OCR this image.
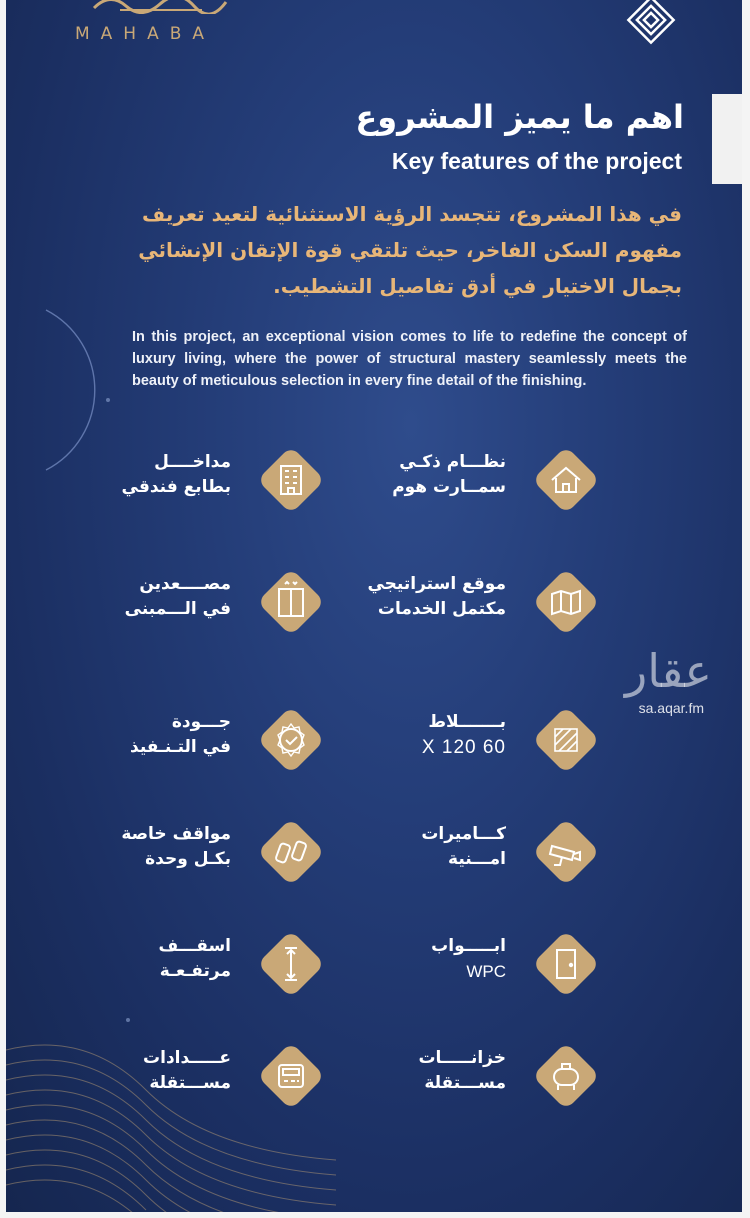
MAHABA
اهم ما يميز المشروع
Key features of the project
في هذا المشروع، تتجسد الرؤية الاستثنائية لتعيد تعريف مفهوم السكن الفاخر، حيث تلتقي قوة الإتقان الإنشائي بجمال الاختيار في أدق تفاصيل التشطيب.
In this project, an exceptional vision comes to life to redefine the concept of luxury living, where the power of structural mastery seamlessly meets the beauty of meticulous selection in every fine detail of the finishing.
نظـــام ذكـي
سمــارت هوم
مداخــــل
بطابع فندقي
موقع استراتيجي
مكتمل الخدمات
مصــــعدين
في الـــمبنى
بـــــــلاط
60 X 120
جـــودة
في التـنـفيذ
كـــاميرات
امـــنية
مواقف خاصة
بكـل وحدة
ابـــــواب
WPC
اسقـــف
مرتفـعـة
خزانـــــات
مســـتقلة
عـــــدادات
مســـتقلة
عقار
sa.aqar.fm
